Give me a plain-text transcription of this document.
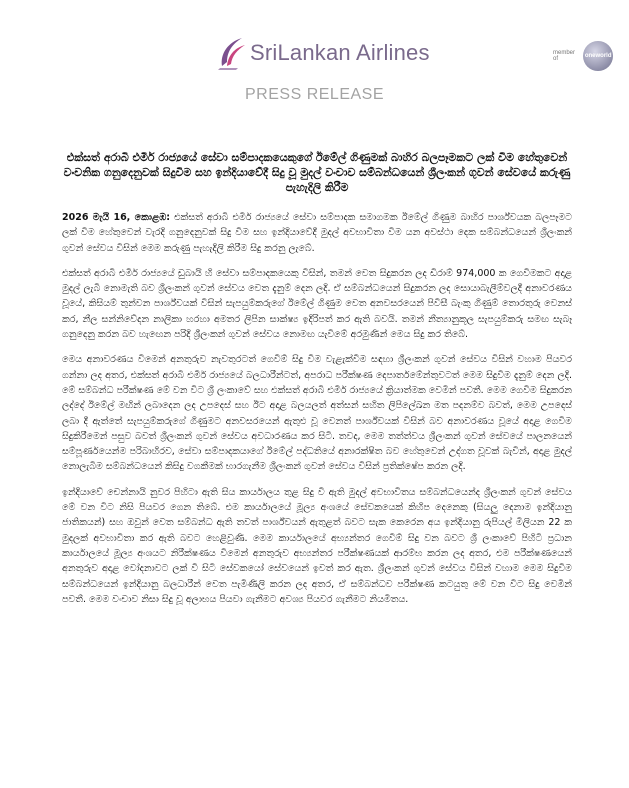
SriLankan Airlines	member of	oneworld
PRESS RELEASE
එක්සත් අරාබි එමීර් රාජ්‍යයේ සේවා සම්පාදකයෙකුගේ ඊමේල් ගිණුමක් බාහිර බලපෑමකට ලක් වීම හේතුවෙන් වංචනික ගනුදෙනුවක් සිදුවීම සහ ඉන්දියාවේදී සිදු වූ මුදල් වංචාව සම්බන්ධයෙන් ශ්‍රීලංකන් ගුවන් සේවයේ කරුණු පැහැදිලි කිරීම

2026 මැයි 16, කොළඹ: එක්සත් අරාබි එමීර් රාජ්‍යයේ සේවා සම්පාදක සමාගමක ඊමේල් ගිණුම බාහිර පාර්ශ්වයක බලපෑමට ලක් වීම හේතුවෙන් වැරදි ගනුදෙනුවක් සිදු වීම සහ ඉන්දියාවේදී මුදල් අවභාවිතා වීම යන අවස්ථා දෙක සම්බන්ධයෙන් ශ්‍රීලංකන් ගුවන් සේවය විසින් මෙම කරුණු පැහැදිලි කිරීම සිදු කරනු ලැබේ.

එක්සත් අරාබි එමීර් රාජ්‍යයේ ඩුබායි හි සේවා සම්පාදකයෙකු විසින්, තමන් වෙත සිදුකරන ලද ඩිරාම් 974,000 ක ගෙවීමකට අදාළ මුදල් ලැබී නොමැති බව ශ්‍රීලංකන් ගුවන් සේවය වෙත දැනුම් දෙන ලදි. ඒ සම්බන්ධයෙන් සිදුකරන ලද සොයාබැලීම්වලදී අනාවරණය වූයේ, කිසියම් තුන්වන පාර්ශ්වයක් විසින් සැපයුම්කරුගේ ඊමේල් ගිණුම වෙත අනවසරයෙන් පිවිසී බැංකු ගිණුම් තොරතුරු වෙනස් කර, නීල සන්නිවේදන නාලිකා හරහා අමතර ලිපින සාක්ෂ්‍ය ඉදිරිපත් කර ඇති බවයි. තමන් නීත්‍යානුකූල සැපයුම්කරු සමඟ සැබෑ ගනුදෙනු කරන බව හැඟෙන පරිදි ශ්‍රීලංකන් ගුවන් සේවය නොමඟ යැවීමේ අරමුණින් මෙය සිදු කර තිබේ.

මෙය අනාවරණය වීමෙන් අනතුරුව නැවතුරටත් ගෙවීම් සිදු වීම වැළැක්වීම සඳහා ශ්‍රීලංකන් ගුවන් සේවය විසින් වහාම පියවර ගන්නා ලද අතර, එක්සත් අරාබි එමීර් රාජ්‍යයේ බලධාරීන්ටත්, අපරාධ පරීක්ෂණ දෙපාර්තමේන්තුවටත් මෙම සිදුවීම දැනුම් දෙන ලදි. මේ සම්බන්ධ පරීක්ෂණ මේ වන විට ශ්‍රී ලංකාවේ සහ එක්සත් අරාබි එමීර් රාජ්‍යයේ ක්‍රියාත්මක වෙමින් පවතී. මෙම ගෙවීම සිදුකරන ලද්දේ ඊමේල් මඟින් ලබාදෙන ලද උපදෙස් සහ ඊට අදාළ බලයලත් අත්සන් සහිත ලිපිලේඛන මත පදනම්ව බවත්, මෙම උපදෙස් ලබා දී ඇත්තේ සැපයුම්කරුගේ ගිණුමට අනවසරයෙන් ඇතුළු වූ වෙනත් පාර්ශ්වයක් විසින් බව අනාවරණය වූයේ අදාළ ගෙවීම සිදුකිරීමෙන් පසුව බවත් ශ්‍රීලංකන් ගුවන් සේවය අවධාරණය කර සිටී. තවද, මෙම තත්ත්වය ශ්‍රීලංකන් ගුවන් සේවයේ පාලනයෙන් සම්පූර්ණයෙන්ම පරිබාහිරව, සේවා සම්පාදකයාගේ ඊමේල් පද්ධතියේ අනාරක්ෂිත බව හේතුවෙන් උද්ගත වූවක් බැවින්, අදාළ මුදල් නොලැබීම සම්බන්ධයෙන් කිසිදු වගකීමක් භාරගැනීම ශ්‍රීලංකන් ගුවන් සේවය විසින් ප්‍රතික්ෂේප කරන ලදි.

ඉන්දියාවේ චෙන්නායි නුවර පිහිටා ඇති සිය කාර්යාලය තුළ සිදු වී ඇති මුදල් අවභාවිතය සම්බන්ධයෙන්ද ශ්‍රීලංකන් ගුවන් සේවය මේ වන විට නිසි පියවර ගෙන තිබේ. එම කාර්යාලයේ මූල්‍ය අංශයේ සේවකයෙක් කිහිප දෙනෙකු (සියලු දෙනාම ඉන්දියානු ජාතිකයන්) සහ ඔවුන් වෙත සම්බන්ධ ඇති තවත් පාර්ශ්වයන් ඇතුළත් බවට සැක කෙරෙන අය ඉන්දියානු රුපියල් මිලියන 22 ක මුදලක් අවභාවිතා කර ඇති බවට හෙළිවුණි. මෙම කාර්යාලයේ අභ්‍යන්තර ගෙවීම් සිදු වන බවට ශ්‍රී ලංකාවේ පිහිටි ප්‍රධාන කාර්යාලයේ මූල්‍ය අංශයට නිරීක්ෂණය වීමෙන් අනතුරුව අභ්‍යන්තර පරීක්ෂණයක් ආරම්භ කරන ලද අතර, එම පරීක්ෂණයෙන් අනතුරුව අදාළ වෝදනාවට ලක් වී සිටි සේවකයෝ සේවයෙන් ඉවත් කර ඇත. ශ්‍රීලංකන් ගුවන් සේවය විසින් වහාම මෙම සිදුවීම සම්බන්ධයෙන් ඉන්දියානු බලධාරීන් වෙත පැමිණිලි කරන ලද අතර, ඒ සම්බන්ධව පරීක්ෂණ කටයුතු මේ වන විට සිදු වෙමින් පවතී. මෙම වංචාව නිසා සිදු වූ අලාභය පියවා ගැනීමට අවශ්‍ය පියවර ගැනීමට නියමිතය.
